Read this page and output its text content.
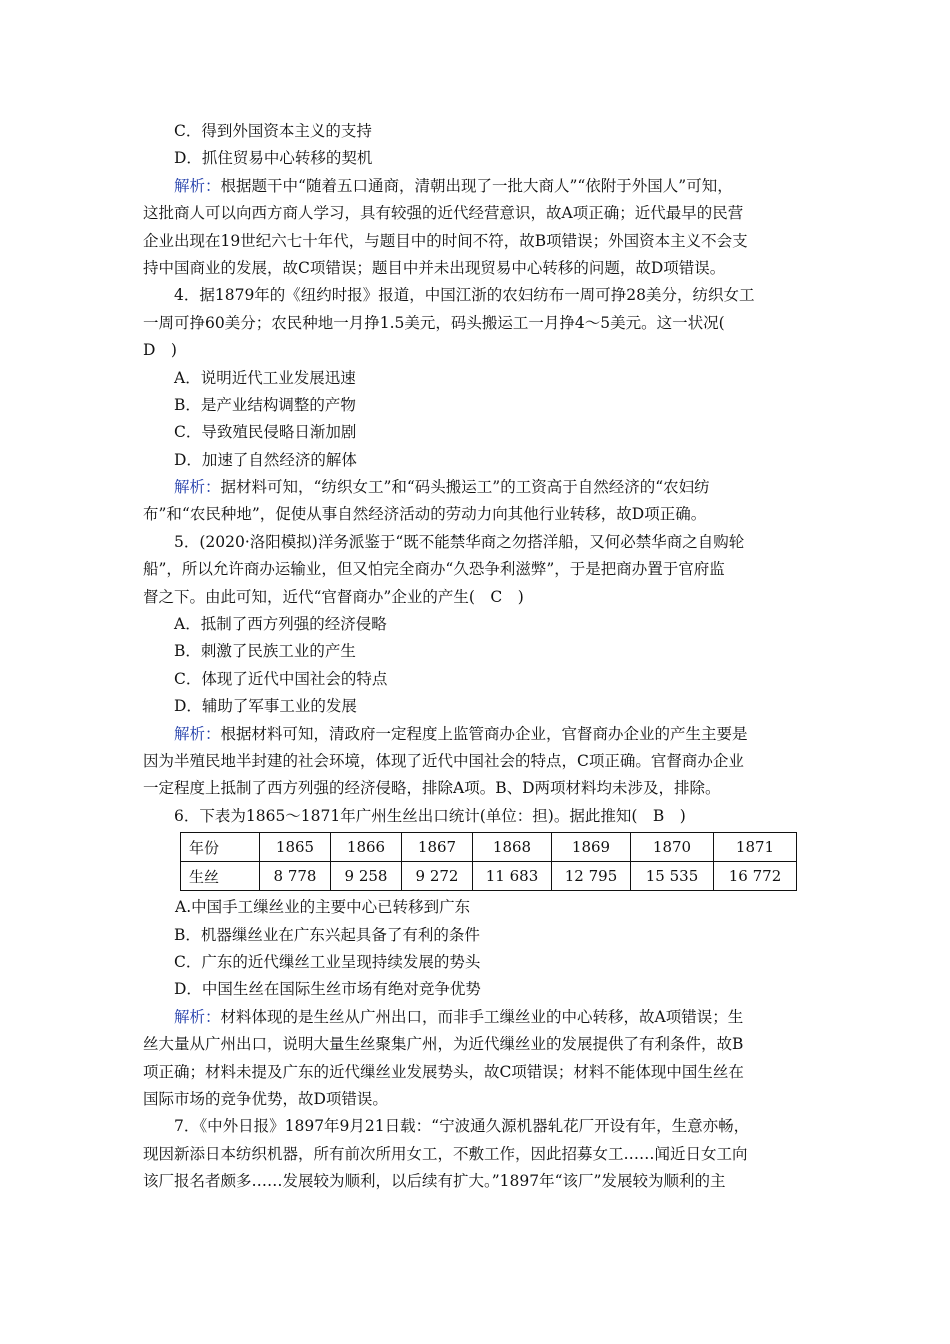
C．得到外国资本主义的支持
D．抓住贸易中心转移的契机
解析：根据题干中“随着五口通商，清朝出现了一批大商人”“依附于外国人”可知，
这批商人可以向西方商人学习，具有较强的近代经营意识，故A项正确；近代最早的民营
企业出现在19世纪六七十年代，与题目中的时间不符，故B项错误；外国资本主义不会支
持中国商业的发展，故C项错误；题目中并未出现贸易中心转移的问题，故D项错误。
4．据1879年的《纽约时报》报道，中国江浙的农妇纺布一周可挣28美分，纺织女工
一周可挣60美分；农民种地一月挣1.5美元，码头搬运工一月挣4～5美元。这一状况(
D　)
A．说明近代工业发展迅速
B．是产业结构调整的产物
C．导致殖民侵略日渐加剧
D．加速了自然经济的解体
解析：据材料可知，“纺织女工”和“码头搬运工”的工资高于自然经济的“农妇纺
布”和“农民种地”，促使从事自然经济活动的劳动力向其他行业转移，故D项正确。
5．(2020·洛阳模拟)洋务派鉴于“既不能禁华商之勿搭洋船，又何必禁华商之自购轮
船”，所以允许商办运输业，但又怕完全商办“久恐争利滋弊”，于是把商办置于官府监
督之下。由此可知，近代“官督商办”企业的产生(　C　)
A．抵制了西方列强的经济侵略
B．刺激了民族工业的产生
C．体现了近代中国社会的特点
D．辅助了军事工业的发展
解析：根据材料可知，清政府一定程度上监管商办企业，官督商办企业的产生主要是
因为半殖民地半封建的社会环境，体现了近代中国社会的特点，C项正确。官督商办企业
一定程度上抵制了西方列强的经济侵略，排除A项。B、D两项材料均未涉及，排除。
6．下表为1865～1871年广州生丝出口统计(单位：担)。据此推知(　B　)
年份	1865	1866	1867	1868	1869	1870	1871
生丝	8 778	9 258	9 272	11 683	12 795	15 535	16 772
A.中国手工缫丝业的主要中心已转移到广东
B．机器缫丝业在广东兴起具备了有利的条件
C．广东的近代缫丝工业呈现持续发展的势头
D．中国生丝在国际生丝市场有绝对竞争优势
解析：材料体现的是生丝从广州出口，而非手工缫丝业的中心转移，故A项错误；生
丝大量从广州出口，说明大量生丝聚集广州，为近代缫丝业的发展提供了有利条件，故B
项正确；材料未提及广东的近代缫丝业发展势头，故C项错误；材料不能体现中国生丝在
国际市场的竞争优势，故D项错误。
7．《中外日报》1897年9月21日载：“宁波通久源机器轧花厂开设有年，生意亦畅，
现因新添日本纺织机器，所有前次所用女工，不敷工作，因此招募女工……闻近日女工向
该厂报名者颇多……发展较为顺利，以后续有扩大。”1897年“该厂”发展较为顺利的主
